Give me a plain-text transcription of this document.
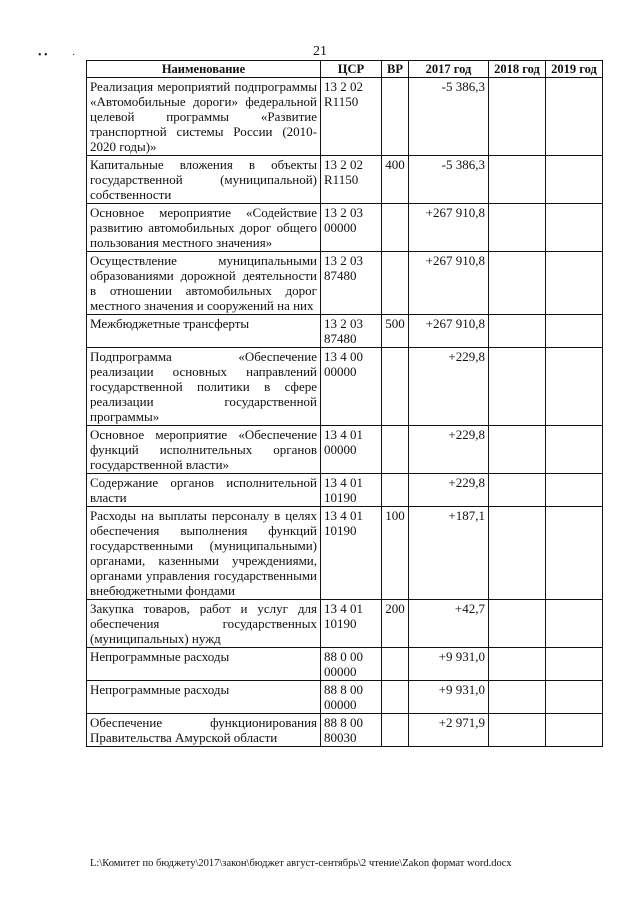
• • ·	21
Наименование	ЦСР	ВР	2017 год	2018 год	2019 год
Реализация мероприятий подпрограммы «Автомобильные дороги» федеральной целевой программы «Развитие транспортной системы России (2010-2020 годы)»	13 2 02 R1150		-5 386,3		
Капитальные вложения в объекты государственной (муниципальной) собственности	13 2 02 R1150	400	-5 386,3		
Основное мероприятие «Содействие развитию автомобильных дорог общего пользования местного значения»	13 2 03 00000		+267 910,8		
Осуществление муниципальными образованиями дорожной деятельности в отношении автомобильных дорог местного значения и сооружений на них	13 2 03 87480		+267 910,8		
Межбюджетные трансферты	13 2 03 87480	500	+267 910,8		
Подпрограмма «Обеспечение реализации основных направлений государственной политики в сфере реализации государственной программы»	13 4 00 00000		+229,8		
Основное мероприятие «Обеспечение функций исполнительных органов государственной власти»	13 4 01 00000		+229,8		
Содержание органов исполнительной власти	13 4 01 10190		+229,8		
Расходы на выплаты персоналу в целях обеспечения выполнения функций государственными (муниципальными) органами, казенными учреждениями, органами управления государственными внебюджетными фондами	13 4 01 10190	100	+187,1		
Закупка товаров, работ и услуг для обеспечения государственных (муниципальных) нужд	13 4 01 10190	200	+42,7		
Непрограммные расходы	88 0 00 00000		+9 931,0		
Непрограммные расходы	88 8 00 00000		+9 931,0		
Обеспечение функционирования Правительства Амурской области	88 8 00 80030		+2 971,9		
L:\Комитет по бюджету\2017\закон\бюджет август-сентябрь\2 чтение\Zakon формат word.docx
